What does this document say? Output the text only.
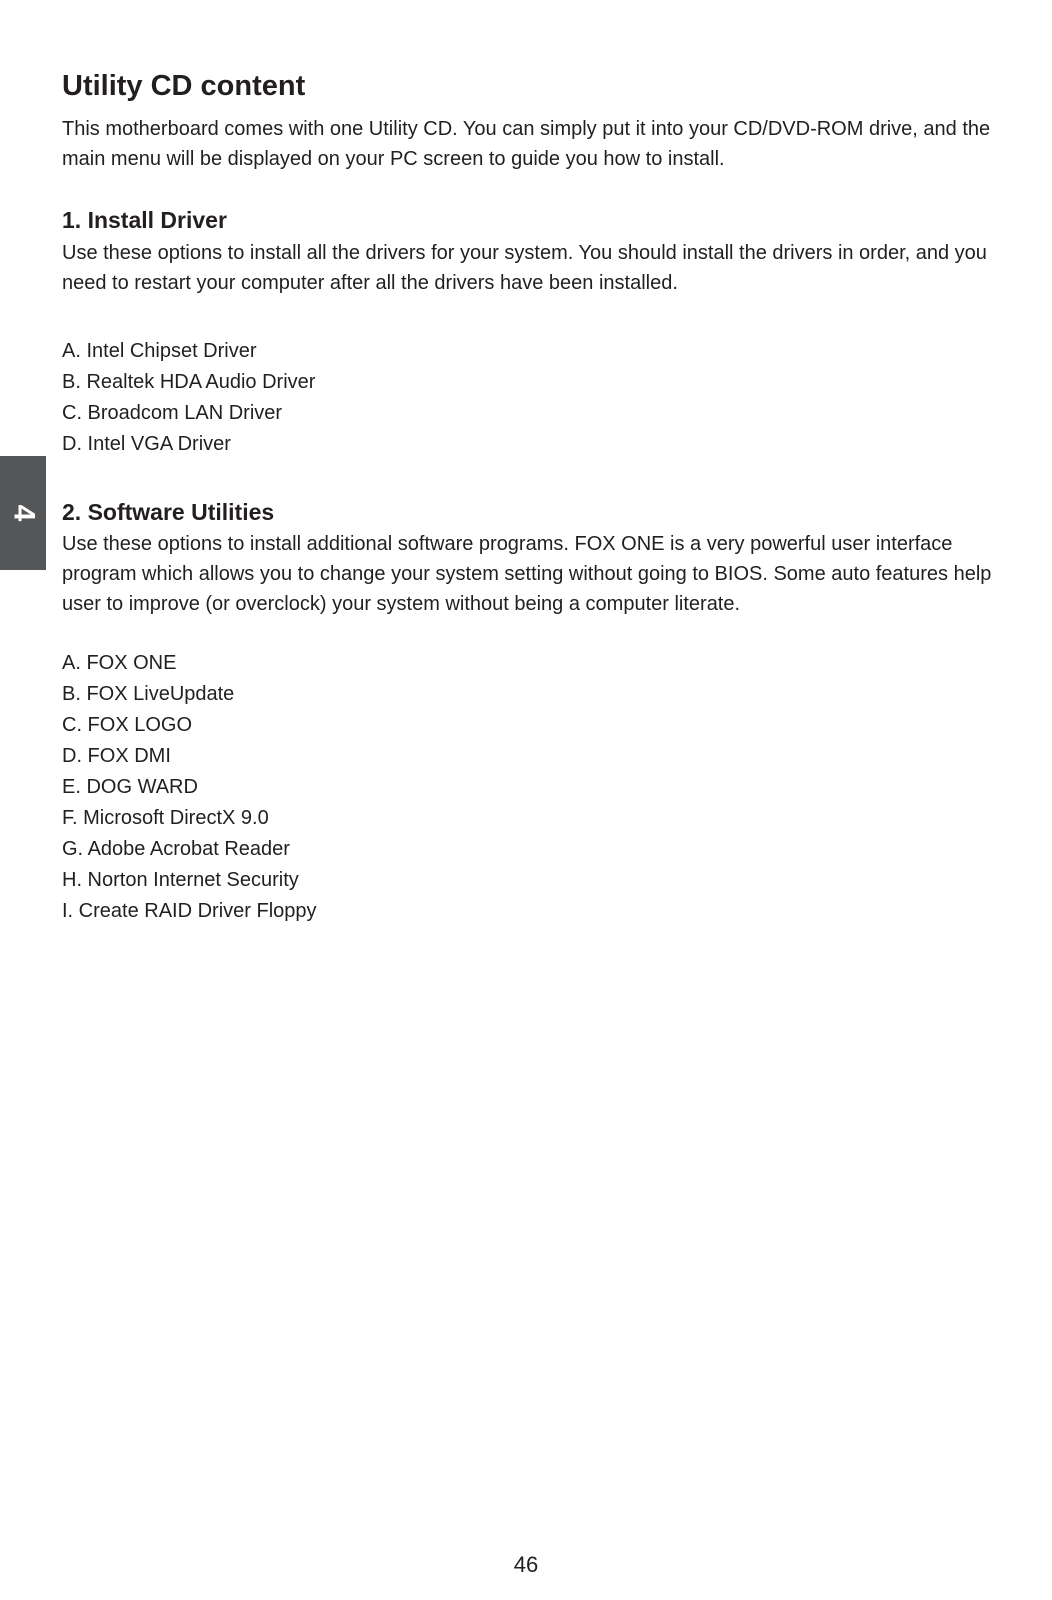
4
Utility CD content

This motherboard comes with one Utility CD. You can simply put it into your CD/DVD-ROM drive, and the main menu will be displayed on your PC screen to guide you how to install.

1. Install Driver

Use these options to install all the drivers for your system. You should install the drivers in order, and you need to restart your computer after all the drivers have been installed.

A. Intel Chipset Driver
B. Realtek HDA Audio Driver
C. Broadcom LAN Driver
D. Intel VGA Driver
2. Software Utilities

Use these options to install additional software programs. FOX ONE is a very powerful user interface program which allows you to change your system setting without going to BIOS. Some auto features help user to improve (or overclock) your system without being a computer literate.

A. FOX ONE
B. FOX LiveUpdate
C. FOX LOGO
D. FOX DMI
E. DOG WARD
F. Microsoft DirectX 9.0
G. Adobe Acrobat Reader
H. Norton Internet Security
I. Create RAID Driver Floppy
46
